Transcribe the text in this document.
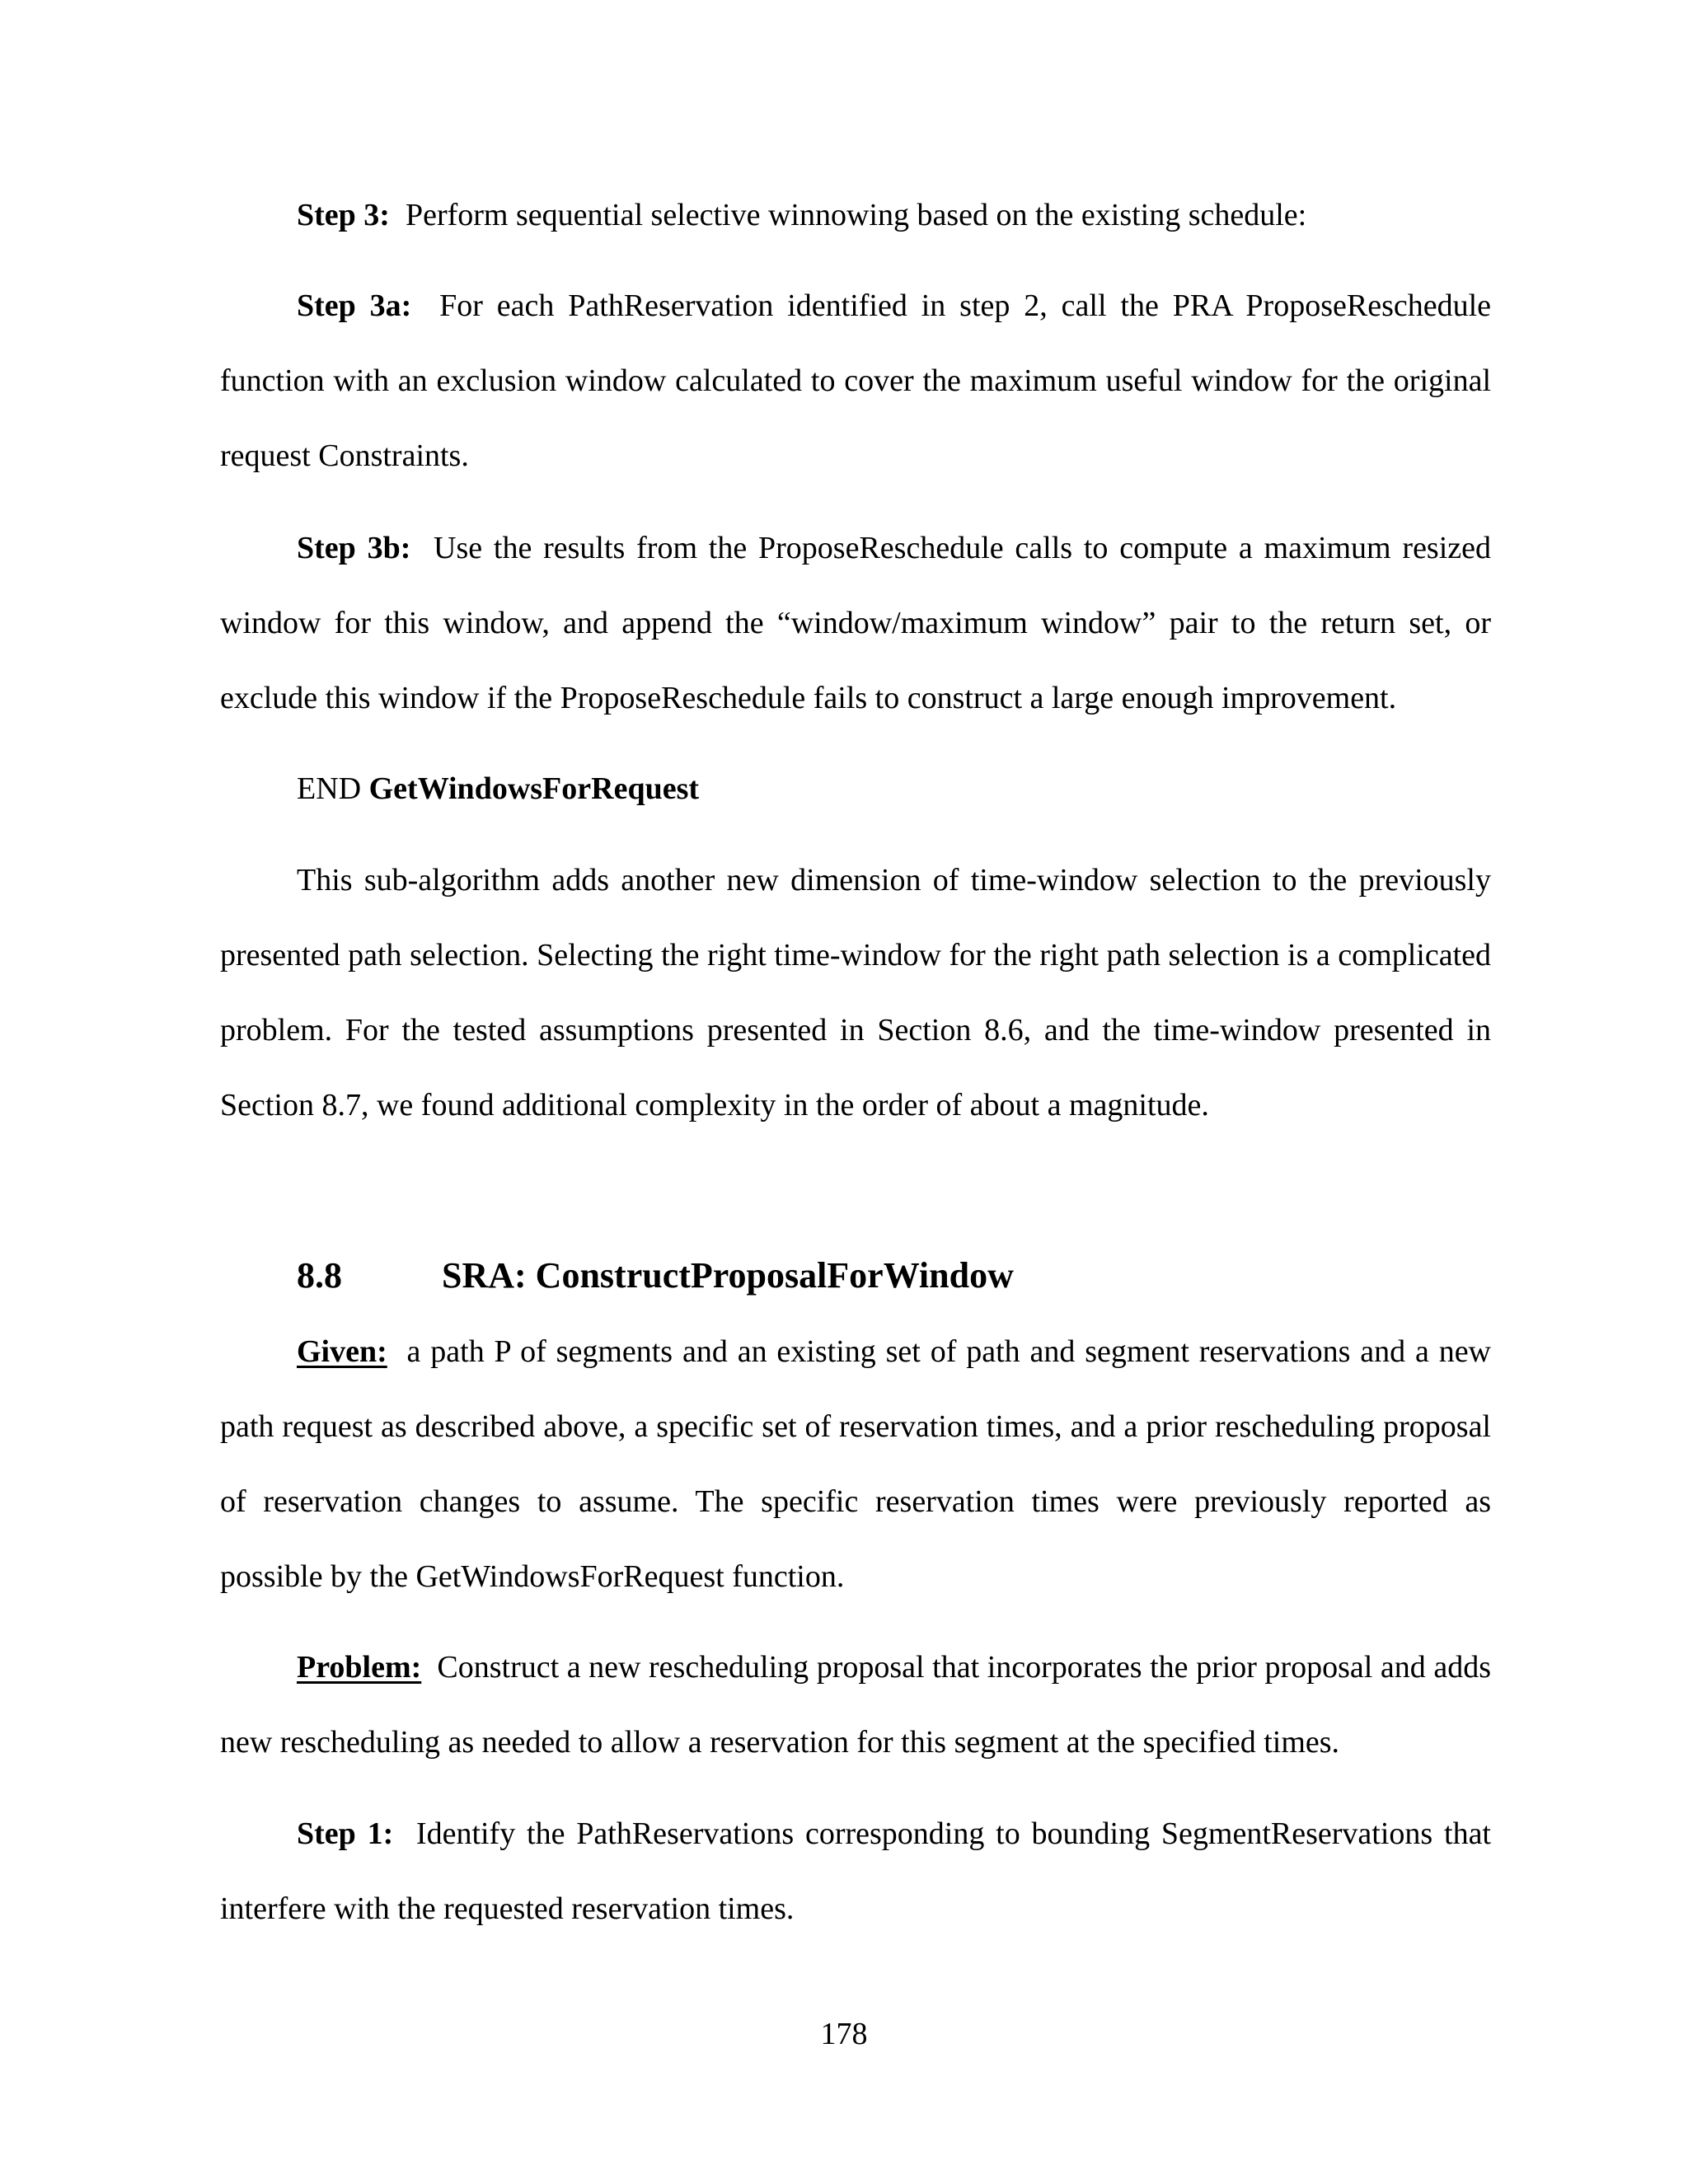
Step 3: Perform sequential selective winnowing based on the existing schedule:

Step 3a: For each PathReservation identified in step 2, call the PRA ProposeReschedule function with an exclusion window calculated to cover the maximum useful window for the original request Constraints.

Step 3b: Use the results from the ProposeReschedule calls to compute a maximum resized window for this window, and append the “window/maximum window” pair to the return set, or exclude this window if the ProposeReschedule fails to construct a large enough improvement.

END GetWindowsForRequest

This sub-algorithm adds another new dimension of time-window selection to the previously presented path selection. Selecting the right time-window for the right path selection is a complicated problem. For the tested assumptions presented in Section 8.6, and the time-window presented in Section 8.7, we found additional complexity in the order of about a magnitude.

8.8	SRA: ConstructProposalForWindow

Given: a path P of segments and an existing set of path and segment reservations and a new path request as described above, a specific set of reservation times, and a prior rescheduling proposal of reservation changes to assume. The specific reservation times were previously reported as possible by the GetWindowsForRequest function.

Problem: Construct a new rescheduling proposal that incorporates the prior proposal and adds new rescheduling as needed to allow a reservation for this segment at the specified times.

Step 1: Identify the PathReservations corresponding to bounding SegmentReservations that interfere with the requested reservation times.

178
